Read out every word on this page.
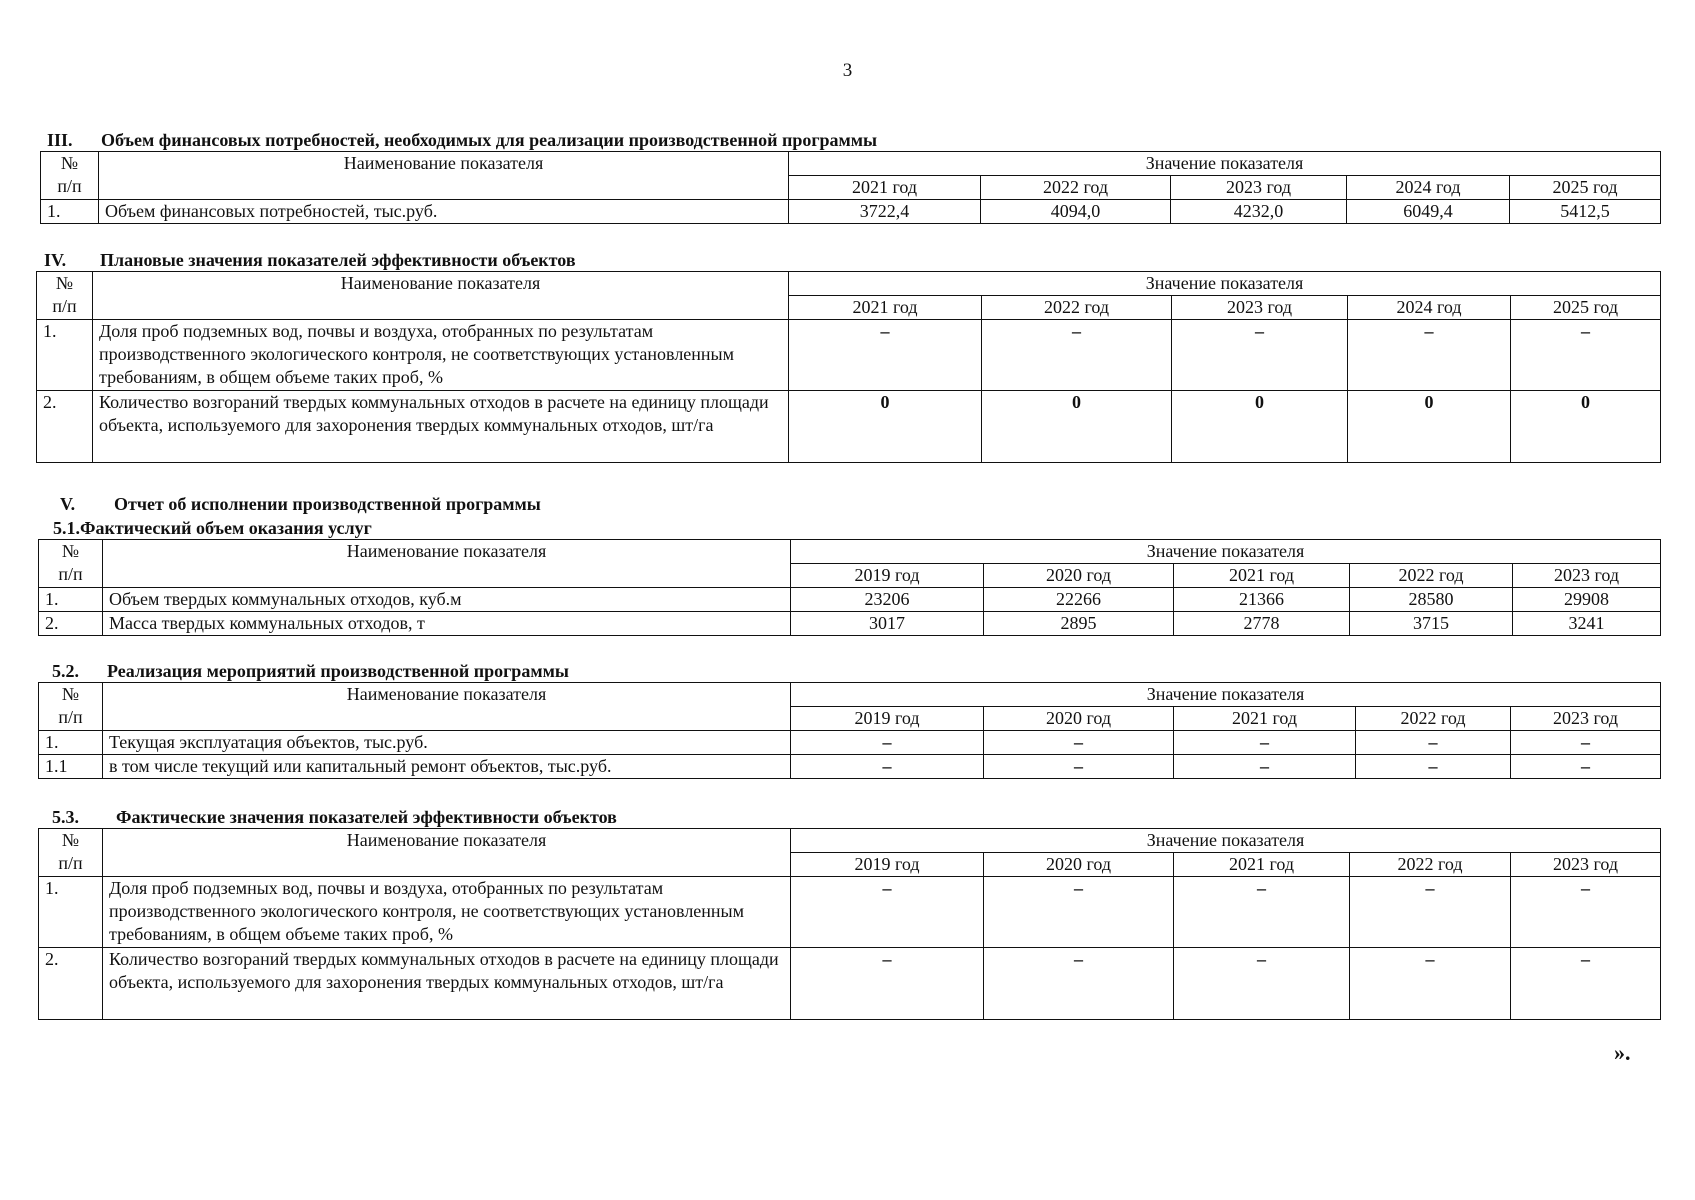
3
III. Объем финансовых потребностей, необходимых для реализации производственной программы
№
п/п	Наименование показателя	Значение показателя				
		2021 год	2022 год	2023 год	2024 год	2025 год
1.	Объем финансовых потребностей, тыс.руб.	3722,4	4094,0	4232,0	6049,4	5412,5
IV. Плановые значения показателей эффективности объектов
№
п/п	Наименование показателя	Значение показателя				
		2021 год	2022 год	2023 год	2024 год	2025 год
1.	Доля проб подземных вод, почвы и воздуха, отобранных по результатам производственного экологического контроля, не соответствующих установленным требованиям, в общем объеме таких проб, %	–	–	–	–	–
2.	Количество возгораний твердых коммунальных отходов в расчете на единицу площади объекта, используемого для захоронения твердых коммунальных отходов, шт/га	0	0	0	0	0
V. Отчет об исполнении производственной программы
5.1.Фактический объем оказания услуг
№
п/п	Наименование показателя	Значение показателя				
		2019 год	2020 год	2021 год	2022 год	2023 год
1.	Объем твердых коммунальных отходов, куб.м	23206	22266	21366	28580	29908
2.	Масса твердых коммунальных отходов, т	3017	2895	2778	3715	3241
5.2. Реализация мероприятий производственной программы
№
п/п	Наименование показателя	Значение показателя				
		2019 год	2020 год	2021 год	2022 год	2023 год
1.	Текущая эксплуатация объектов, тыс.руб.	–	–	–	–	–
1.1	в том числе текущий или капитальный ремонт объектов, тыс.руб.	–	–	–	–	–
5.3. Фактические значения показателей эффективности объектов
№
п/п	Наименование показателя	Значение показателя				
		2019 год	2020 год	2021 год	2022 год	2023 год
1.	Доля проб подземных вод, почвы и воздуха, отобранных по результатам производственного экологического контроля, не соответствующих установленным требованиям, в общем объеме таких проб, %	–	–	–	–	–
2.	Количество возгораний твердых коммунальных отходов в расчете на единицу площади объекта, используемого для захоронения твердых коммунальных отходов, шт/га	–	–	–	–	–
».
